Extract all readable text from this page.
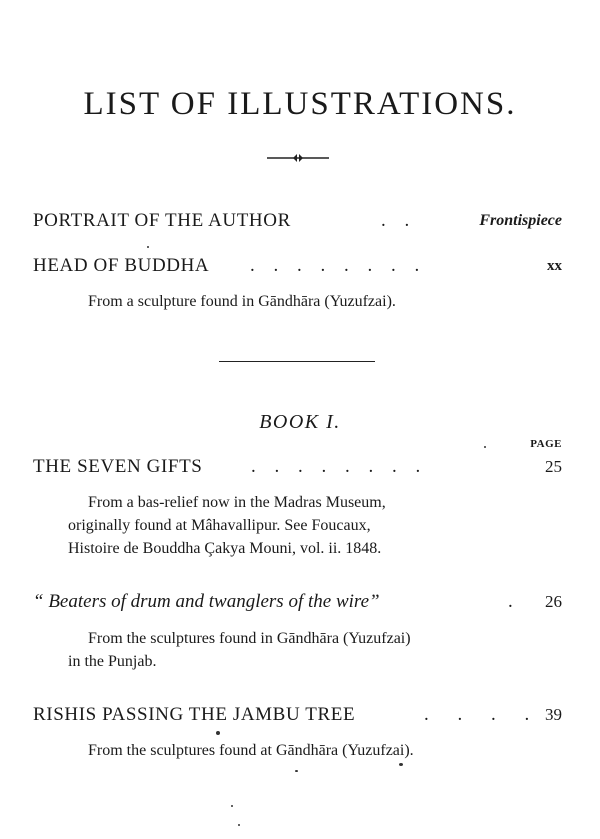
LIST OF ILLUSTRATIONS.
PORTRAIT OF THE AUTHOR	. .	Frontispiece
HEAD OF BUDDHA . . . . . . . .	xx
From a sculpture found in Gāndhāra (Yuzufzai).
BOOK I.
PAGE
THE SEVEN GIFTS	. . . . . . . .	25
From a bas-relief now in the Madras Museum,
originally found at Mâhavallipur. See Foucaux,
Histoire de Bouddha Çakya Mouni, vol. ii. 1848.
“ Beaters of drum and twanglers of the wire”	. 26
From the sculptures found in Gāndhāra (Yuzufzai)
in the Punjab.
RISHIS PASSING THE JAMBU TREE	. . . . 39
From the sculptures found at Gāndhāra (Yuzufzai).
